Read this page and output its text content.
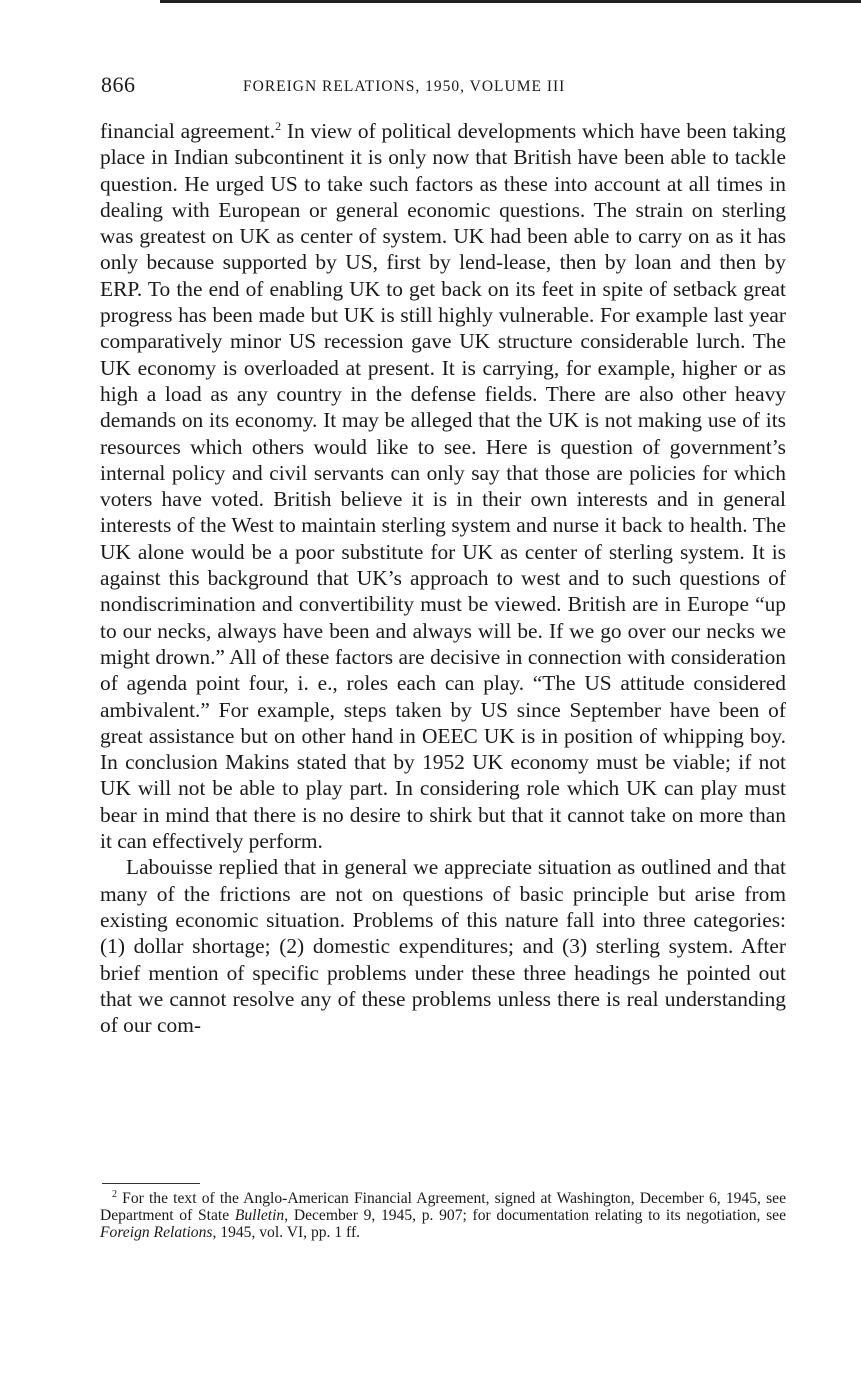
866	FOREIGN RELATIONS, 1950, VOLUME III

financial agreement.$^2$ In view of political developments which have been taking place in Indian subcontinent it is only now that British have been able to tackle question. He urged US to take such factors as these into account at all times in dealing with European or general economic questions. The strain on sterling was greatest on UK as center of system. UK had been able to carry on as it has only because supported by US, first by lend-lease, then by loan and then by ERP. To the end of enabling UK to get back on its feet in spite of setback great progress has been made but UK is still highly vulnerable. For example last year comparatively minor US recession gave UK structure considerable lurch. The UK economy is overloaded at present. It is carrying, for example, higher or as high a load as any country in the defense fields. There are also other heavy demands on its economy. It may be alleged that the UK is not making use of its resources which others would like to see. Here is question of government’s internal policy and civil servants can only say that those are policies for which voters have voted. British believe it is in their own interests and in general interests of the West to maintain sterling system and nurse it back to health. The UK alone would be a poor substitute for UK as center of sterling system. It is against this background that UK’s approach to west and to such questions of nondiscrimination and convertibility must be viewed. British are in Europe “up to our necks, always have been and always will be. If we go over our necks we might drown.” All of these factors are decisive in connection with consideration of agenda point four, i. e., roles each can play. “The US attitude considered ambivalent.” For example, steps taken by US since September have been of great assistance but on other hand in OEEC UK is in position of whipping boy. In conclusion Makins stated that by 1952 UK economy must be viable; if not UK will not be able to play part. In considering role which UK can play must bear in mind that there is no desire to shirk but that it cannot take on more than it can effectively perform.

Labouisse replied that in general we appreciate situation as outlined and that many of the frictions are not on questions of basic principle but arise from existing economic situation. Problems of this nature fall into three categories: (1) dollar shortage; (2) domestic expenditures; and (3) sterling system. After brief mention of specific problems under these three headings he pointed out that we cannot resolve any of these problems unless there is real understanding of our com-

$^2$ For the text of the Anglo-American Financial Agreement, signed at Washington, December 6, 1945, see Department of State Bulletin, December 9, 1945, p. 907; for documentation relating to its negotiation, see Foreign Relations, 1945, vol. VI, pp. 1 ff.
